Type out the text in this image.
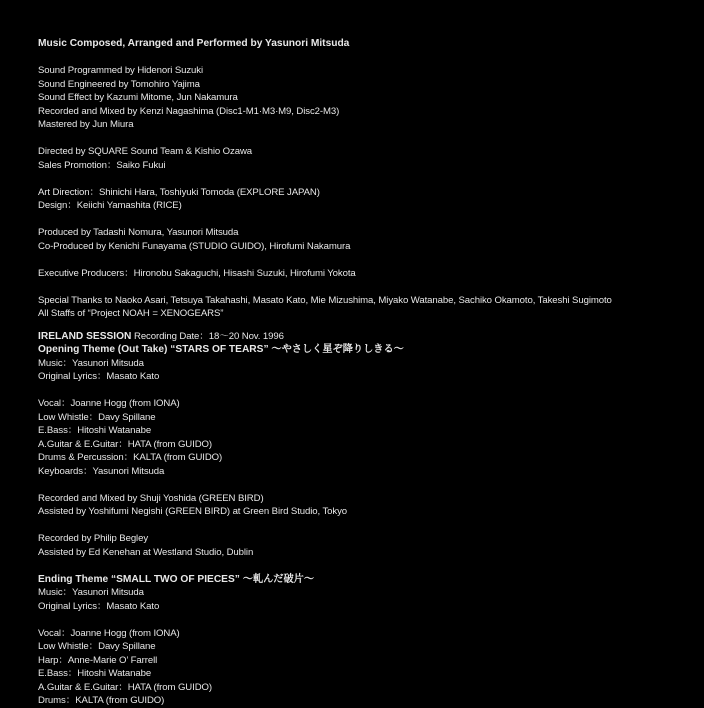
Music Composed, Arranged and Performed by Yasunori Mitsuda
Sound Programmed by Hidenori Suzuki
Sound Engineered by Tomohiro Yajima
Sound Effect by Kazumi Mitome, Jun Nakamura
Recorded and Mixed by Kenzi Nagashima (Disc1-M1·M3·M9, Disc2-M3)
Mastered by Jun Miura
Directed by SQUARE Sound Team & Kishio Ozawa
Sales Promotion：Saiko Fukui
Art Direction：Shinichi Hara, Toshiyuki Tomoda (EXPLORE JAPAN)
Design：Keiichi Yamashita (RICE)
Produced by Tadashi Nomura, Yasunori Mitsuda
Co-Produced by Kenichi Funayama (STUDIO GUIDO), Hirofumi Nakamura
Executive Producers：Hironobu Sakaguchi, Hisashi Suzuki, Hirofumi Yokota
Special Thanks to Naoko Asari, Tetsuya Takahashi, Masato Kato, Mie Mizushima, Miyako Watanabe, Sachiko Okamoto, Takeshi Sugimoto
All Staffs of “Project NOAH = XENOGEARS”
IRELAND SESSION Recording Date：18～20 Nov. 1996
Opening Theme (Out Take) “STARS OF TEARS” ～やさしく星ぞ降りしきる～
Music：Yasunori Mitsuda
Original Lyrics：Masato Kato
Vocal：Joanne Hogg (from IONA)
Low Whistle：Davy Spillane
E.Bass：Hitoshi Watanabe
A.Guitar & E.Guitar：HATA (from GUIDO)
Drums & Percussion：KALTA (from GUIDO)
Keyboards：Yasunori Mitsuda
Recorded and Mixed by Shuji Yoshida (GREEN BIRD)
Assisted by Yoshifumi Negishi (GREEN BIRD) at Green Bird Studio, Tokyo
Recorded by Philip Begley
Assisted by Ed Kenehan at Westland Studio, Dublin
Ending Theme “SMALL TWO OF PIECES” ～軋んだ破片～
Music：Yasunori Mitsuda
Original Lyrics：Masato Kato
Vocal：Joanne Hogg (from IONA)
Low Whistle：Davy Spillane
Harp：Anne-Marie O’ Farrell
E.Bass：Hitoshi Watanabe
A.Guitar & E.Guitar：HATA (from GUIDO)
Drums：KALTA (from GUIDO)
